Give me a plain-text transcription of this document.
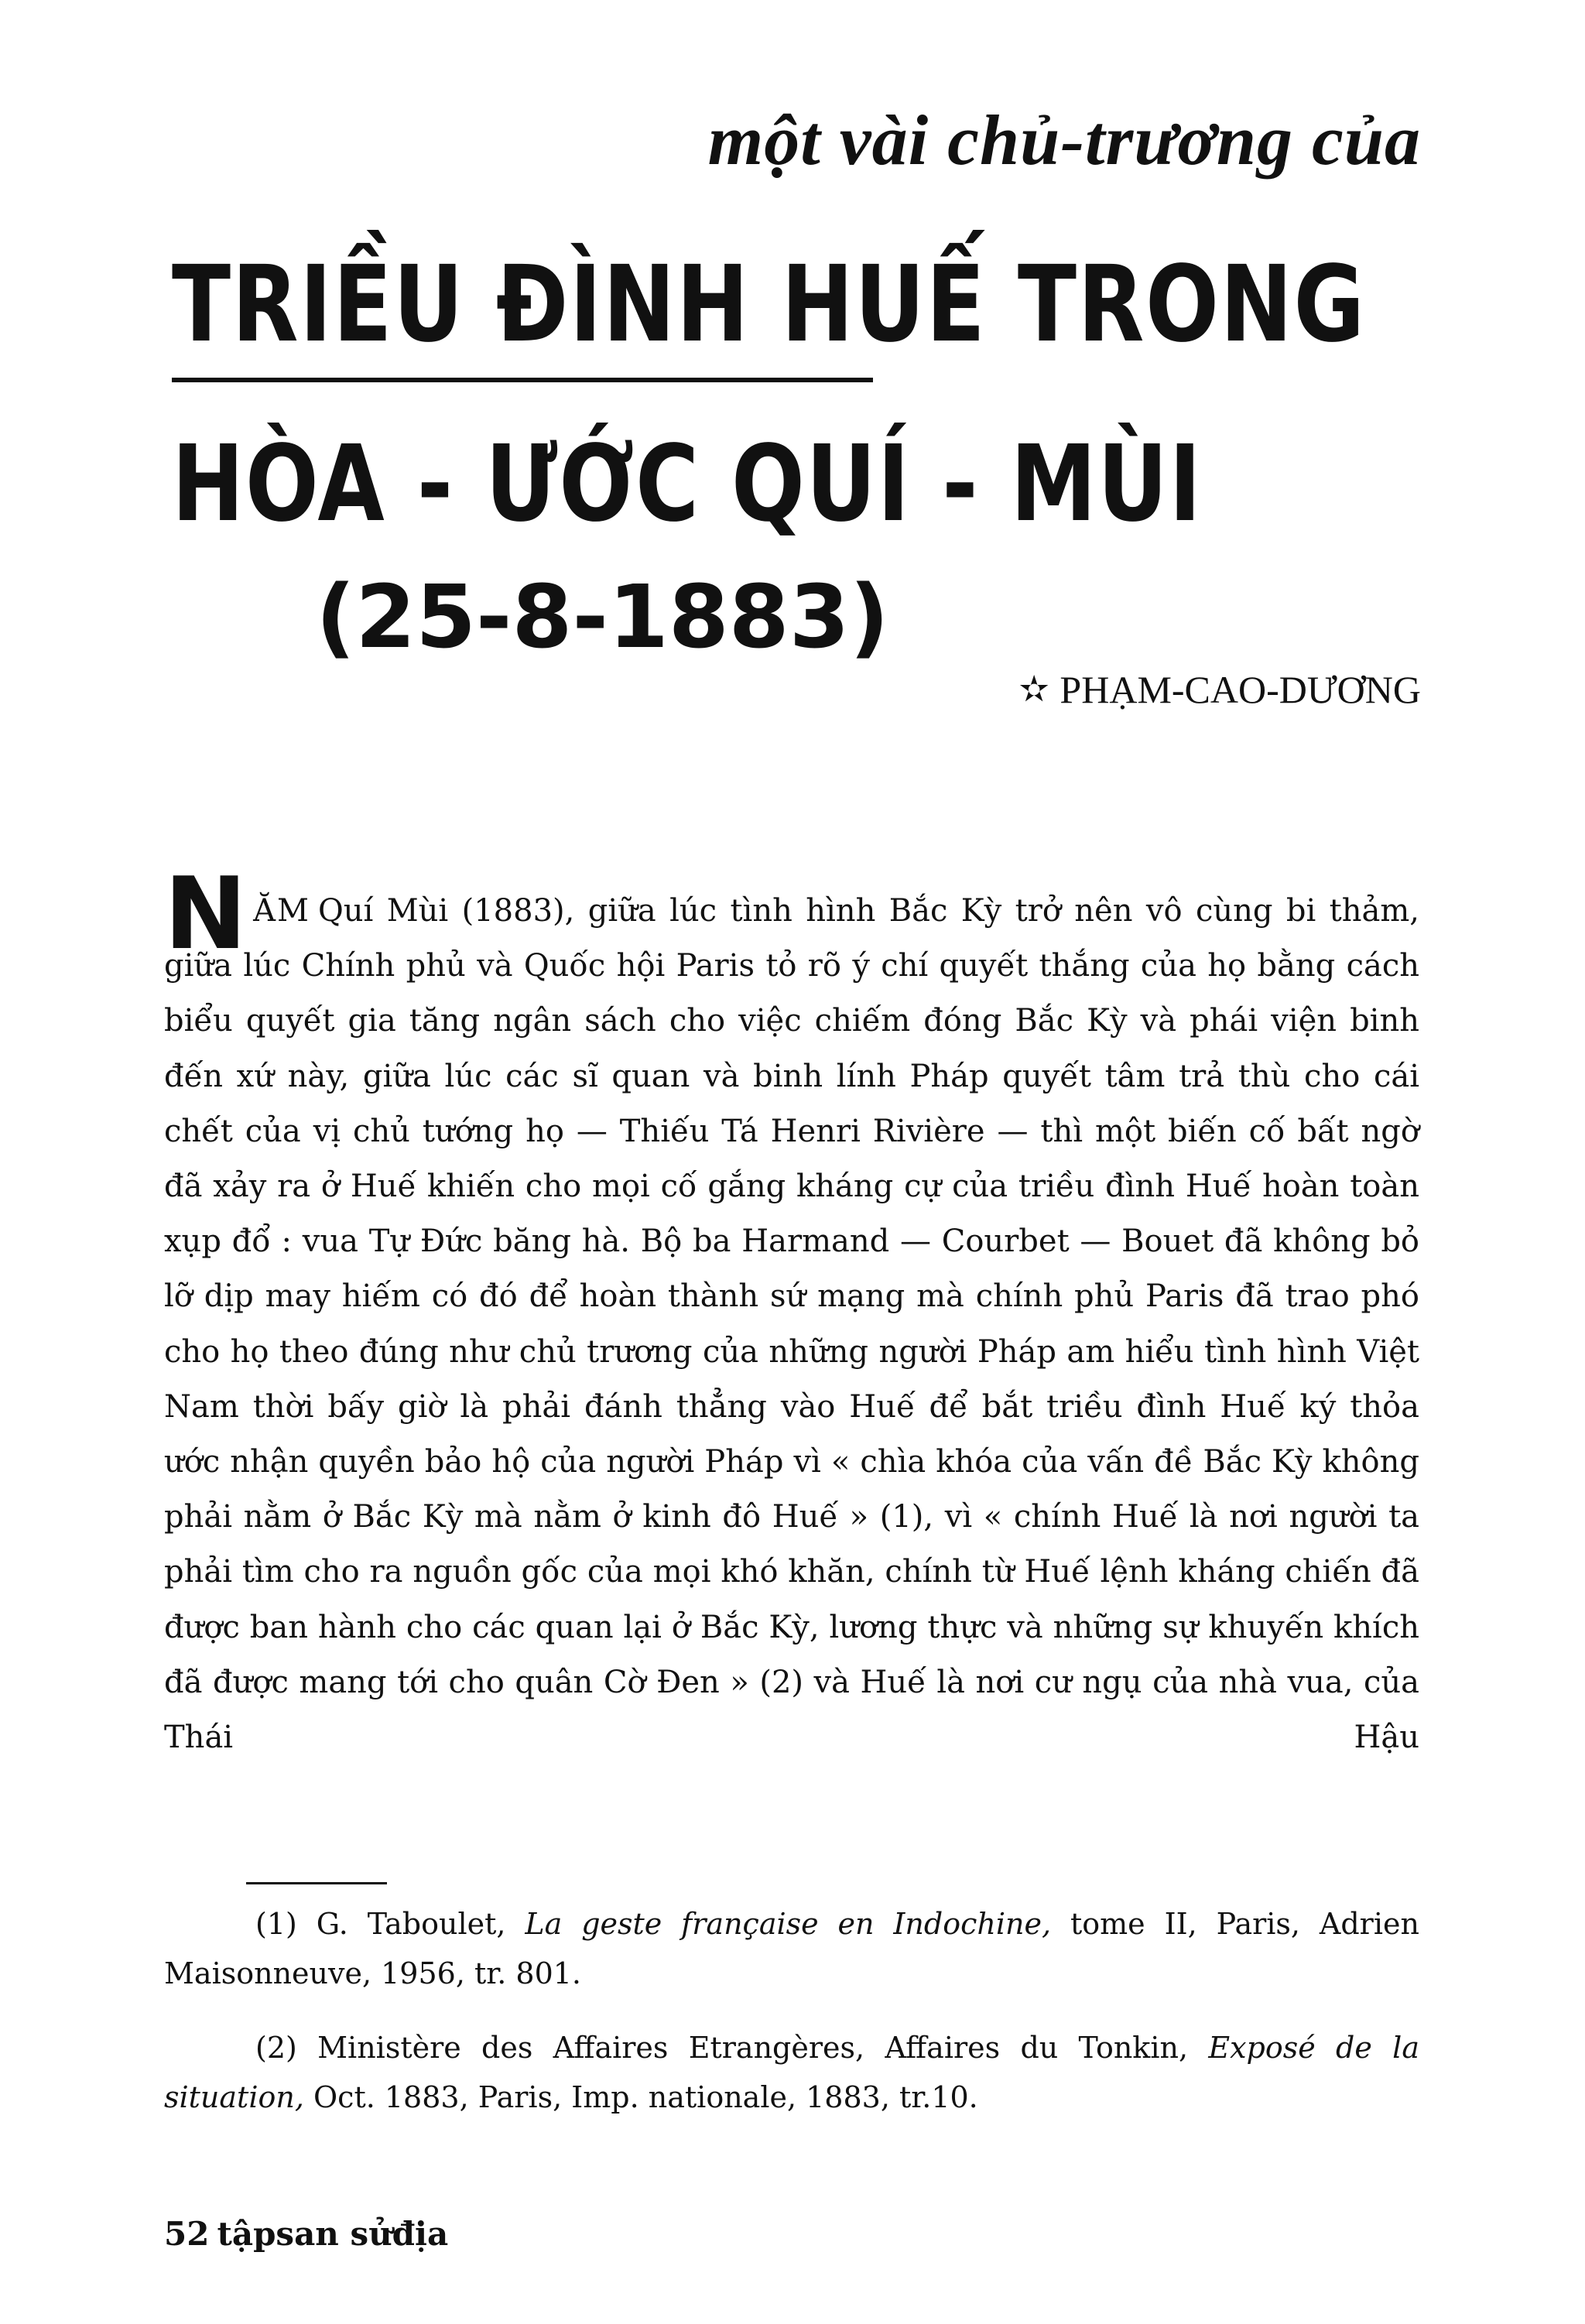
một vài chủ-trương của
TRIỀU ĐÌNH HUẾ TRONG
HÒA - ƯỚC QUÍ - MÙI
(25-8-1883)
✫ PHẠM-CAO-DƯƠNG

NĂM Quí Mùi (1883), giữa lúc tình hình Bắc Kỳ trở nên vô cùng bi thảm, giữa lúc Chính phủ và Quốc hội Paris tỏ rõ ý chí quyết thắng của họ bằng cách biểu quyết gia tăng ngân sách cho việc chiếm đóng Bắc Kỳ và phái viện binh đến xứ này, giữa lúc các sĩ quan và binh lính Pháp quyết tâm trả thù cho cái chết của vị chủ tướng họ — Thiếu Tá Henri Rivière — thì một biến cố bất ngờ đã xảy ra ở Huế khiến cho mọi cố gắng kháng cự của triều đình Huế hoàn toàn xụp đổ : vua Tự Đức băng hà. Bộ ba Harmand — Courbet — Bouet đã không bỏ lỡ dịp may hiếm có đó để hoàn thành sứ mạng mà chính phủ Paris đã trao phó cho họ theo đúng như chủ trương của những người Pháp am hiểu tình hình Việt Nam thời bấy giờ là phải đánh thẳng vào Huế để bắt triều đình Huế ký thỏa ước nhận quyền bảo hộ của người Pháp vì « chìa khóa của vấn đề Bắc Kỳ không phải nằm ở Bắc Kỳ mà nằm ở kinh đô Huế » (1), vì « chính Huế là nơi người ta phải tìm cho ra nguồn gốc của mọi khó khăn, chính từ Huế lệnh kháng chiến đã được ban hành cho các quan lại ở Bắc Kỳ, lương thực và những sự khuyến khích đã được mang tới cho quân Cờ Đen » (2) và Huế là nơi cư ngụ của nhà vua, của Thái Hậu

(1) G. Taboulet, La geste française en Indochine, tome II, Paris, Adrien Maisonneuve, 1956, tr. 801.

(2) Ministère des Affaires Etrangères, Affaires du Tonkin, Exposé de la situation, Oct. 1883, Paris, Imp. nationale, 1883, tr.10.

52 tậpsan sửđịa
